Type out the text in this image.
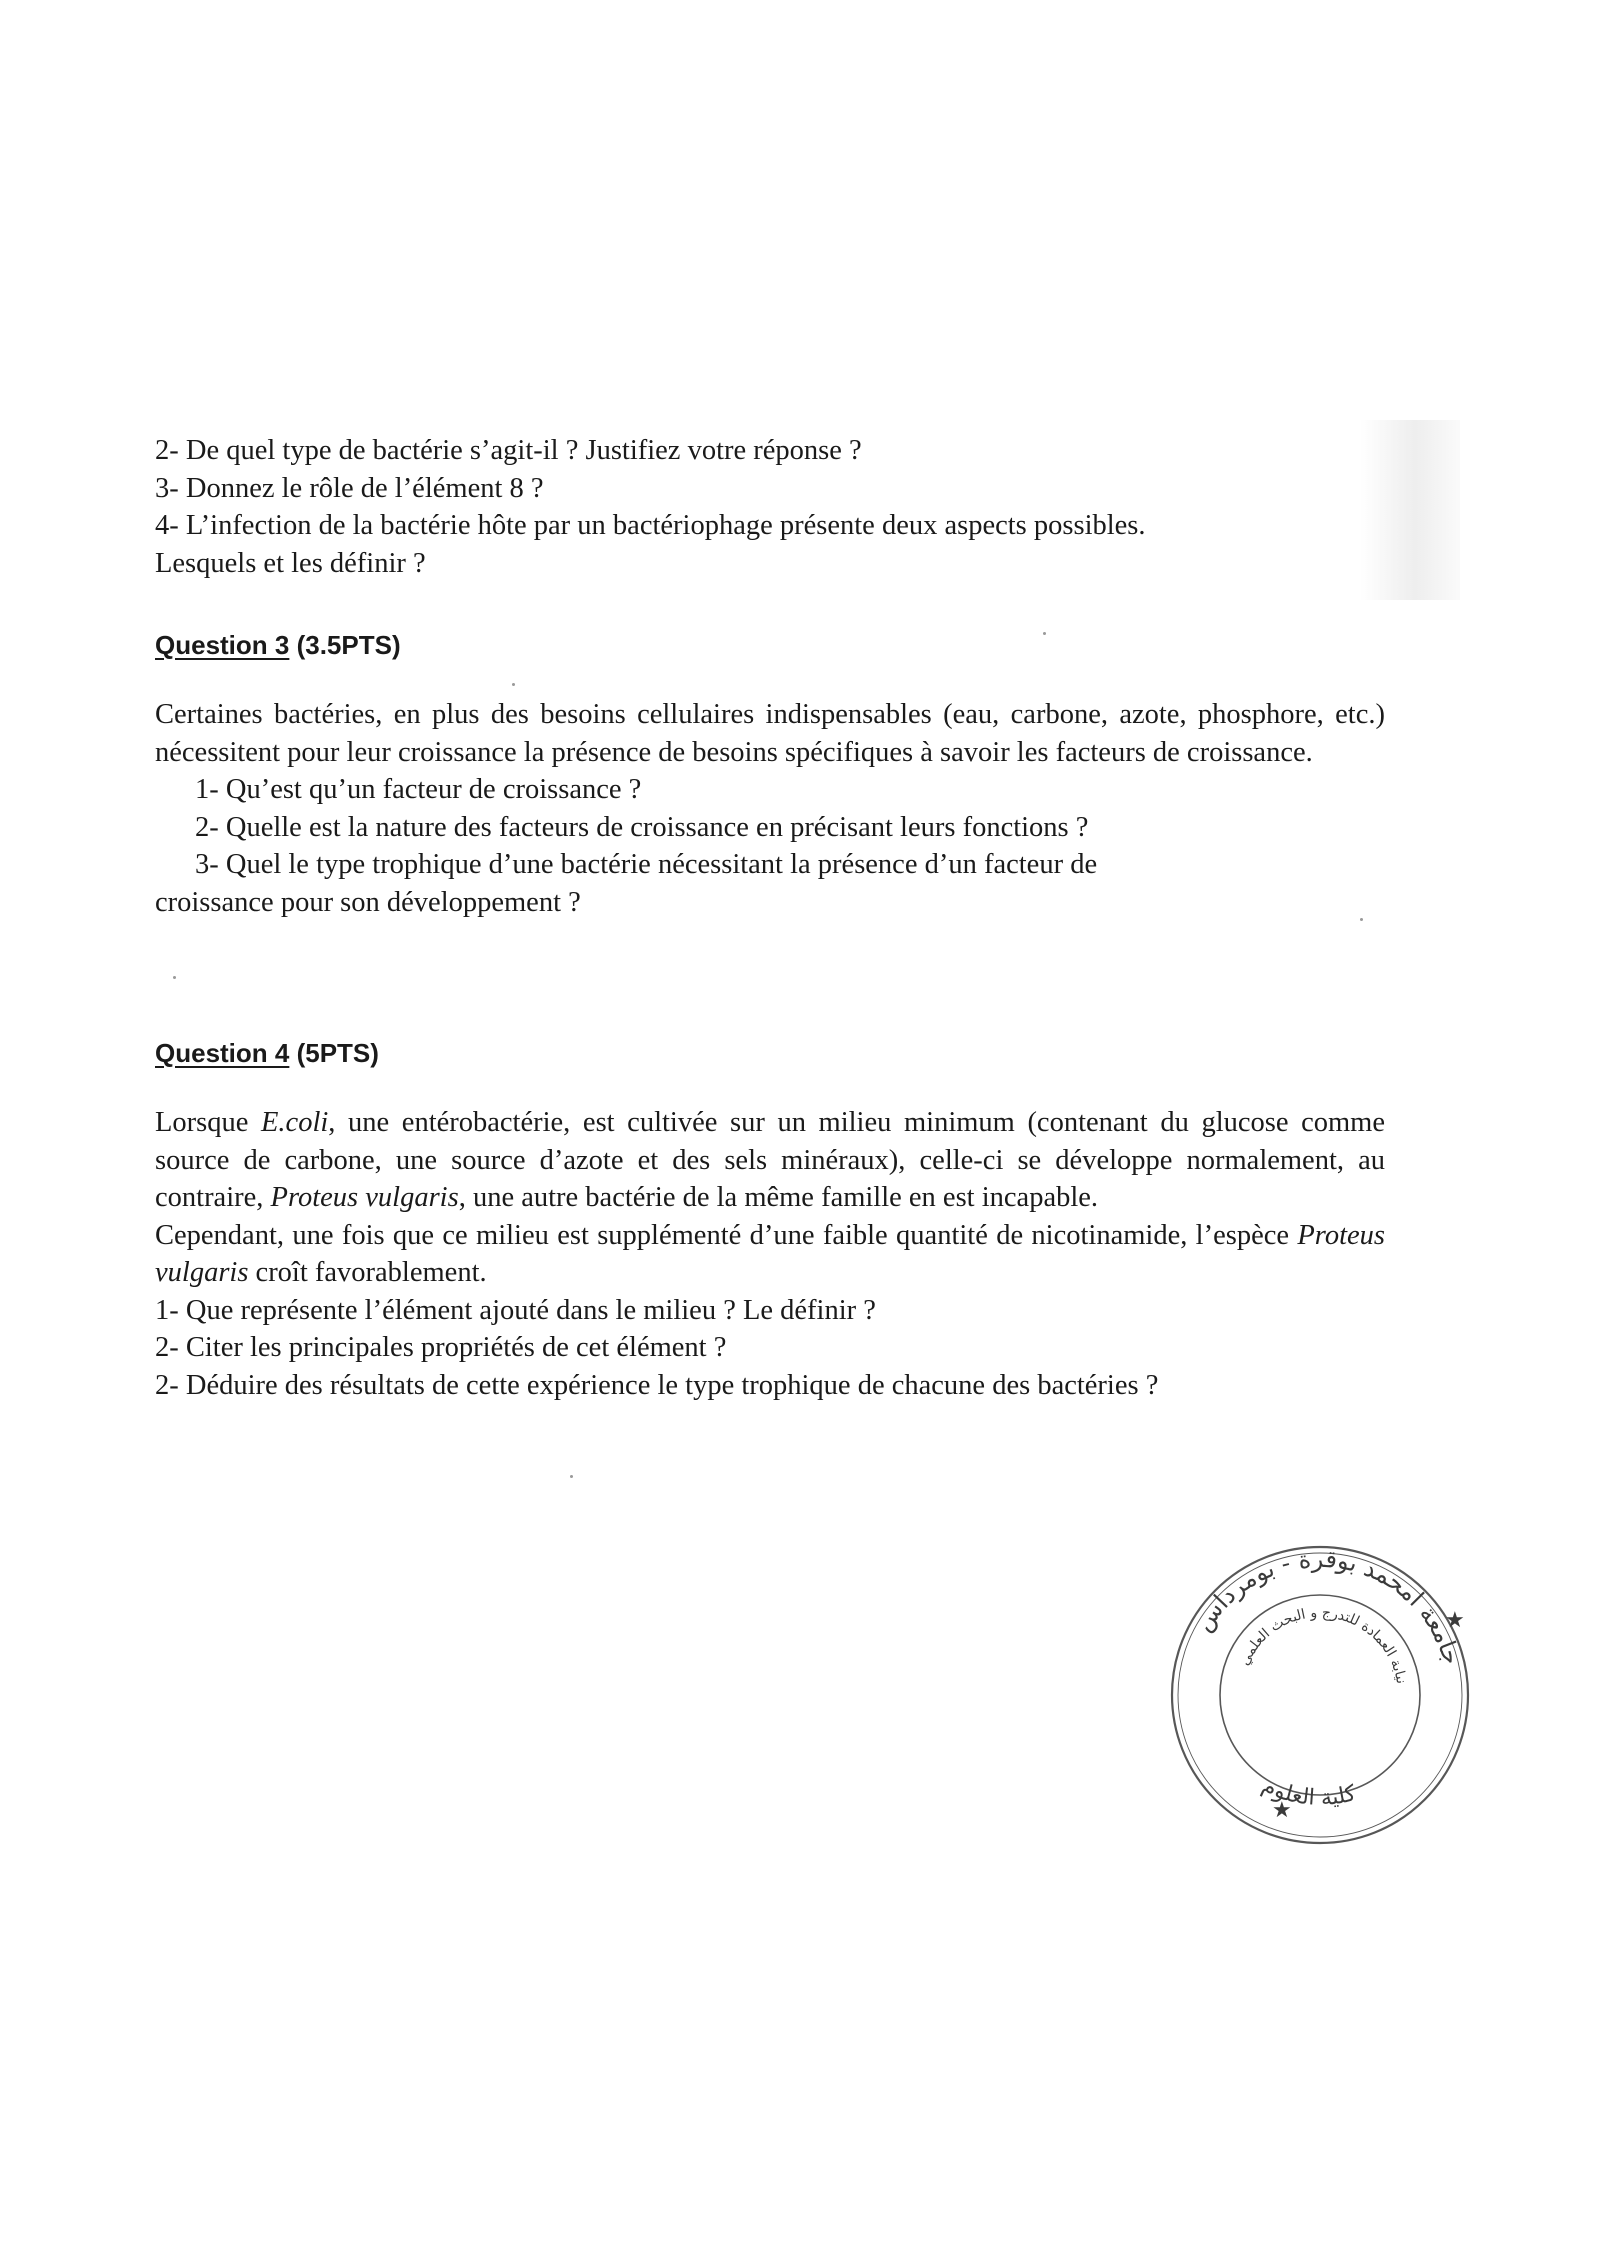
2- De quel type de bactérie s’agit-il ? Justifiez votre réponse ?

3- Donnez le rôle de l’élément 8 ?

4- L’infection de la bactérie hôte par un bactériophage présente deux aspects possibles.

Lesquels et les définir ?

Question 3 (3.5PTS)

Certaines bactéries, en plus des besoins cellulaires indispensables (eau, carbone, azote, phosphore, etc.) nécessitent pour leur croissance la présence de besoins spécifiques à savoir les facteurs de croissance.

1- Qu’est qu’un facteur de croissance ?

2- Quelle est la nature des facteurs de croissance en précisant leurs fonctions ?

3- Quel le type trophique d’une bactérie nécessitant la présence d’un facteur de

croissance pour son développement ?

Question 4 (5PTS)

Lorsque E.coli, une entérobactérie, est cultivée sur un milieu minimum (contenant du glucose comme source de carbone, une source d’azote et des sels minéraux), celle-ci se développe normalement, au contraire, Proteus vulgaris, une autre bactérie de la même famille en est incapable.

Cependant, une fois que ce milieu est supplémenté d’une faible quantité de nicotinamide, l’espèce Proteus vulgaris croît favorablement.

1- Que représente l’élément ajouté dans le milieu ? Le définir ?

2- Citer les principales propriétés de cet élément ?

2- Déduire des résultats de cette expérience le type trophique de chacune des bactéries ?

جامعة امحمد بوقرة - بومرداس
نيابة العمادة للتدرج و البحث العلمي
كلية العلوم
★
★
